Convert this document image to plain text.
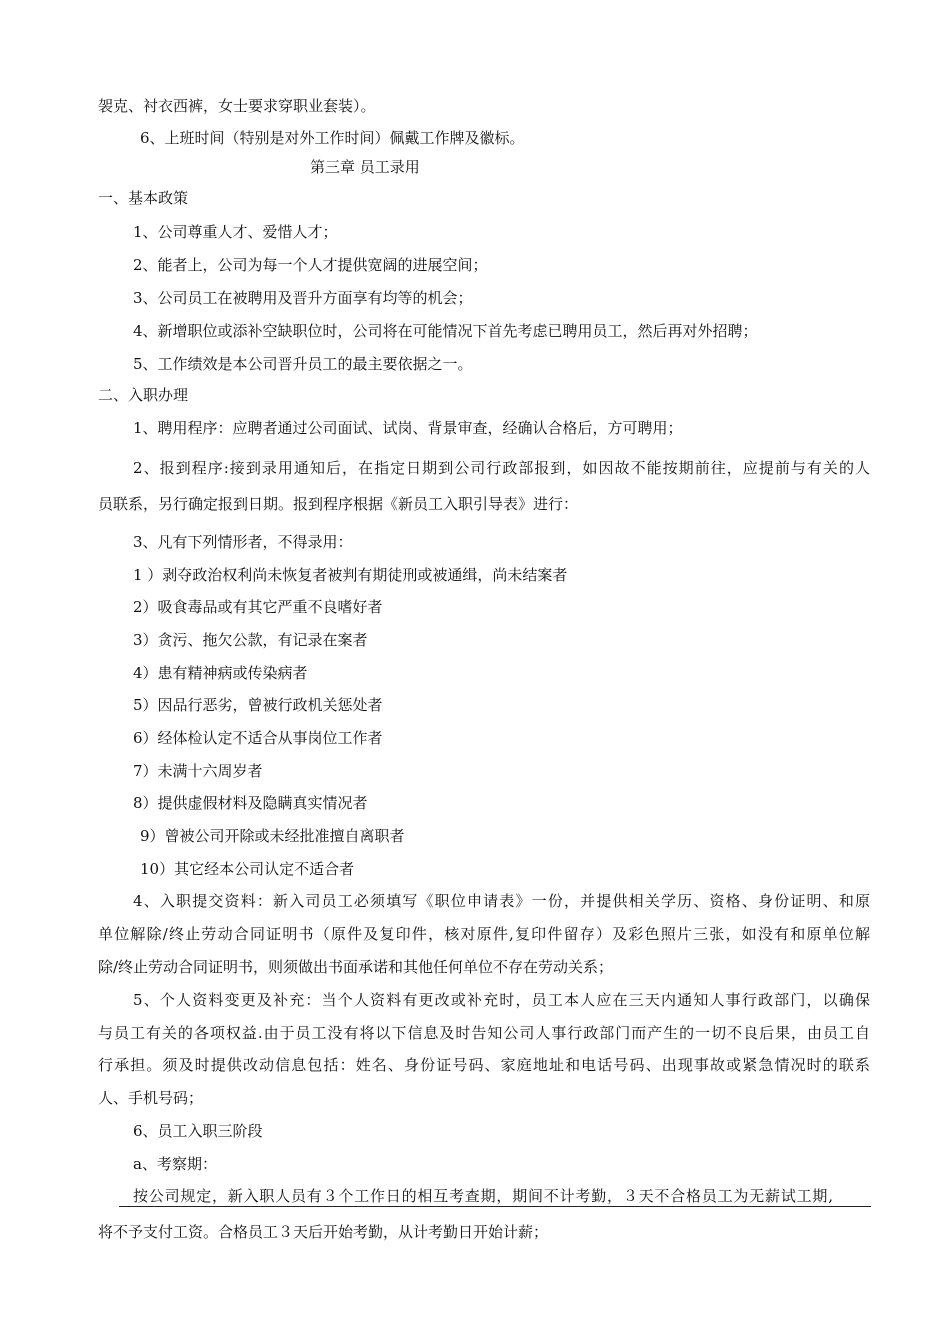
袈克、衬衣西裤，女士要求穿职业套装）。
6、上班时间（特别是对外工作时间）佩戴工作牌及徽标。
第三章 员工录用
一、基本政策
1、公司尊重人才、爱惜人才；
2、能者上，公司为每一个人才提供宽阔的进展空间；
3、公司员工在被聘用及晋升方面享有均等的机会；
4、新增职位或添补空缺职位时，公司将在可能情况下首先考虑已聘用员工，然后再对外招聘；
5、工作绩效是本公司晋升员工的最主要依据之一。
二、入职办理
1、聘用程序：应聘者通过公司面试、试岗、背景审查，经确认合格后，方可聘用；
2、报到程序:接到录用通知后，在指定日期到公司行政部报到，如因故不能按期前往，应提前与有关的人
员联系，另行确定报到日期。报到程序根据《新员工入职引导表》进行：
3、凡有下列情形者，不得录用：
1 ）剥夺政治权利尚未恢复者被判有期徒刑或被通缉，尚未结案者
2）吸食毒品或有其它严重不良嗜好者
3）贪污、拖欠公款，有记录在案者
4）患有精神病或传染病者
5）因品行恶劣，曾被行政机关惩处者
6）经体检认定不适合从事岗位工作者
7）未满十六周岁者
8）提供虚假材料及隐瞒真实情况者
9）曾被公司开除或未经批准擅自离职者
10）其它经本公司认定不适合者
4、入职提交资料：新入司员工必须填写《职位申请表》一份，并提供相关学历、资格、身份证明、和原
单位解除/终止劳动合同证明书（原件及复印件，核对原件,复印件留存）及彩色照片三张，如没有和原单位解
除/终止劳动合同证明书，则须做出书面承诺和其他任何单位不存在劳动关系；
5、个人资料变更及补充：当个人资料有更改或补充时，员工本人应在三天内通知人事行政部门，以确保
与员工有关的各项权益.由于员工没有将以下信息及时告知公司人事行政部门而产生的一切不良后果，由员工自
行承担。须及时提供改动信息包括：姓名、身份证号码、家庭地址和电话号码、出现事故或紧急情况时的联系
人、手机号码；
6、员工入职三阶段
a、考察期：
按公司规定，新入职人员有３个工作日的相互考查期，期间不计考勤，３天不合格员工为无薪试工期,
将不予支付工资。合格员工３天后开始考勤，从计考勤日开始计薪；
